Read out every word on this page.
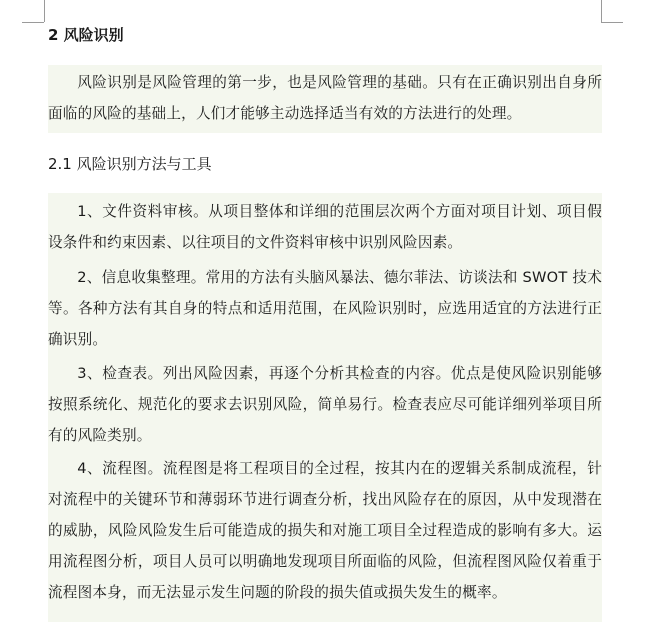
2 风险识别
风险识别是风险管理的第一步，也是风险管理的基础。只有在正确识别出自身所面临的风险的基础上，人们才能够主动选择适当有效的方法进行的处理。
2.1 风险识别方法与工具
1、文件资料审核。从项目整体和详细的范围层次两个方面对项目计划、项目假设条件和约束因素、以往项目的文件资料审核中识别风险因素。
2、信息收集整理。常用的方法有头脑风暴法、德尔菲法、访谈法和 SWOT 技术等。各种方法有其自身的特点和适用范围，在风险识别时，应选用适宜的方法进行正确识别。
3、检查表。列出风险因素，再逐个分析其检查的内容。优点是使风险识别能够按照系统化、规范化的要求去识别风险，简单易行。检查表应尽可能详细列举项目所有的风险类别。
4、流程图。流程图是将工程项目的全过程，按其内在的逻辑关系制成流程，针对流程中的关键环节和薄弱环节进行调查分析，找出风险存在的原因，从中发现潜在的威胁，风险风险发生后可能造成的损失和对施工项目全过程造成的影响有多大。运用流程图分析，项目人员可以明确地发现项目所面临的风险，但流程图风险仅着重于流程图本身，而无法显示发生问题的阶段的损失值或损失发生的概率。
